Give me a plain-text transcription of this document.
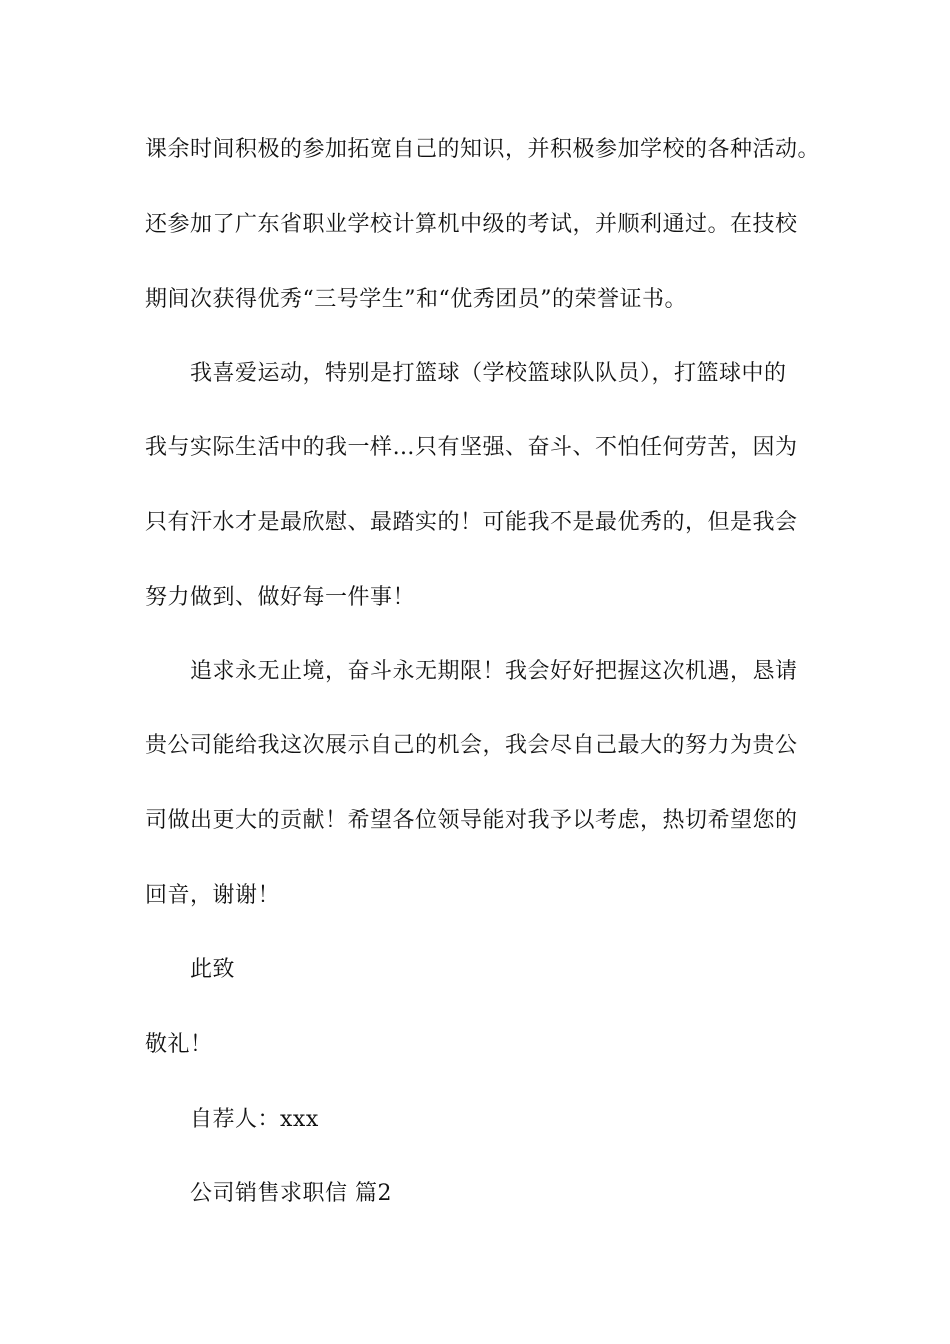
课余时间积极的参加拓宽自己的知识，并积极参加学校的各种活动。
还参加了广东省职业学校计算机中级的考试，并顺利通过。在技校
期间次获得优秀“三号学生”和“优秀团员”的荣誉证书。
我喜爱运动，特别是打篮球（学校篮球队队员），打篮球中的
我与实际生活中的我一样…只有坚强、奋斗、不怕任何劳苦，因为
只有汗水才是最欣慰、最踏实的！可能我不是最优秀的，但是我会
努力做到、做好每一件事！
追求永无止境，奋斗永无期限！我会好好把握这次机遇，恳请
贵公司能给我这次展示自己的机会，我会尽自己最大的努力为贵公
司做出更大的贡献！希望各位领导能对我予以考虑，热切希望您的
回音，谢谢！
此致
敬礼！
自荐人：xxx
公司销售求职信 篇2
